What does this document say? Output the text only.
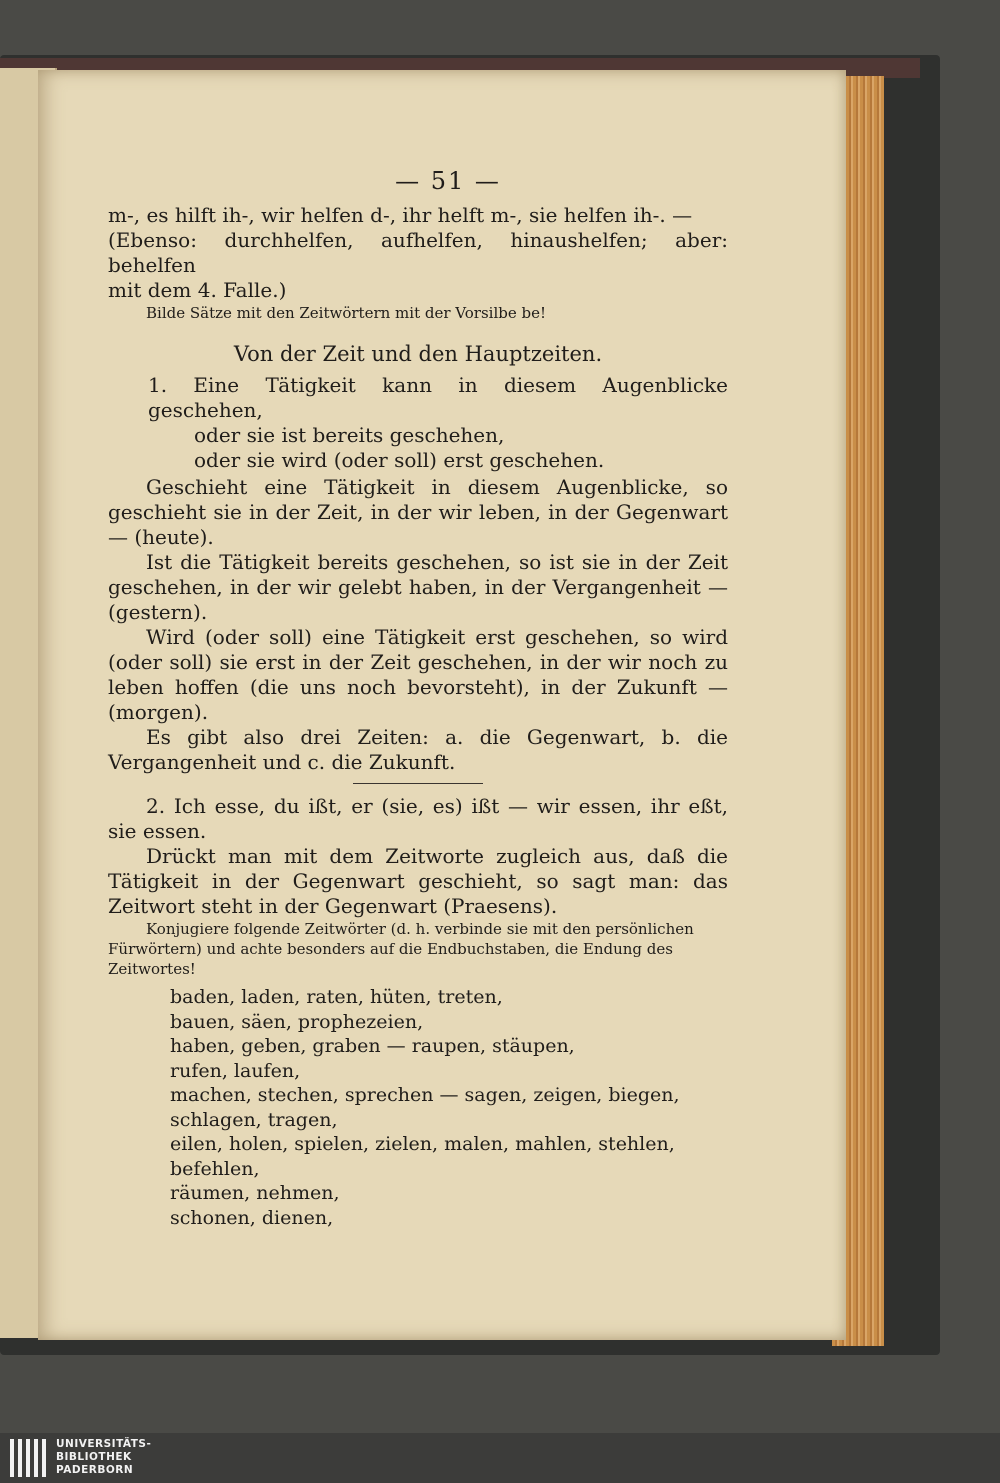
— 51 —

m-, es hilft ih-, wir helfen d-, ihr helft m-, sie helfen ih-. —

(Ebenso: durchhelfen, aufhelfen, hinaushelfen; aber: behelfen

mit dem 4. Falle.)

Bilde Sätze mit den Zeitwörtern mit der Vorsilbe be!

Von der Zeit und den Hauptzeiten.

1. Eine Tätigkeit kann in diesem Augenblicke geschehen,

oder sie ist bereits geschehen,

oder sie wird (oder soll) erst geschehen.

Geschieht eine Tätigkeit in diesem Augenblicke, so geschieht sie in der Zeit, in der wir leben, in der Gegenwart — (heute).

Ist die Tätigkeit bereits geschehen, so ist sie in der Zeit geschehen, in der wir gelebt haben, in der Vergangenheit — (gestern).

Wird (oder soll) eine Tätigkeit erst geschehen, so wird (oder soll) sie erst in der Zeit geschehen, in der wir noch zu leben hoffen (die uns noch bevorsteht), in der Zukunft — (morgen).

Es gibt also drei Zeiten: a. die Gegenwart, b. die Vergangenheit und c. die Zukunft.

2. Ich esse, du ißt, er (sie, es) ißt — wir essen, ihr eßt, sie essen.

Drückt man mit dem Zeitworte zugleich aus, daß die Tätigkeit in der Gegenwart geschieht, so sagt man: das Zeitwort steht in der Gegenwart (Praesens).

Konjugiere folgende Zeitwörter (d. h. verbinde sie mit den persönlichen Fürwörtern) und achte besonders auf die Endbuchstaben, die Endung des Zeitwortes!

baden, laden, raten, hüten, treten,
bauen, säen, prophezeien,
haben, geben, graben — raupen, stäupen,
rufen, laufen,
machen, stechen, sprechen — sagen, zeigen, biegen, schlagen, tragen,
eilen, holen, spielen, zielen, malen, mahlen, stehlen, befehlen,
räumen, nehmen,
schonen, dienen,
UNIVERSITÄTS-
BIBLIOTHEK
PADERBORN
